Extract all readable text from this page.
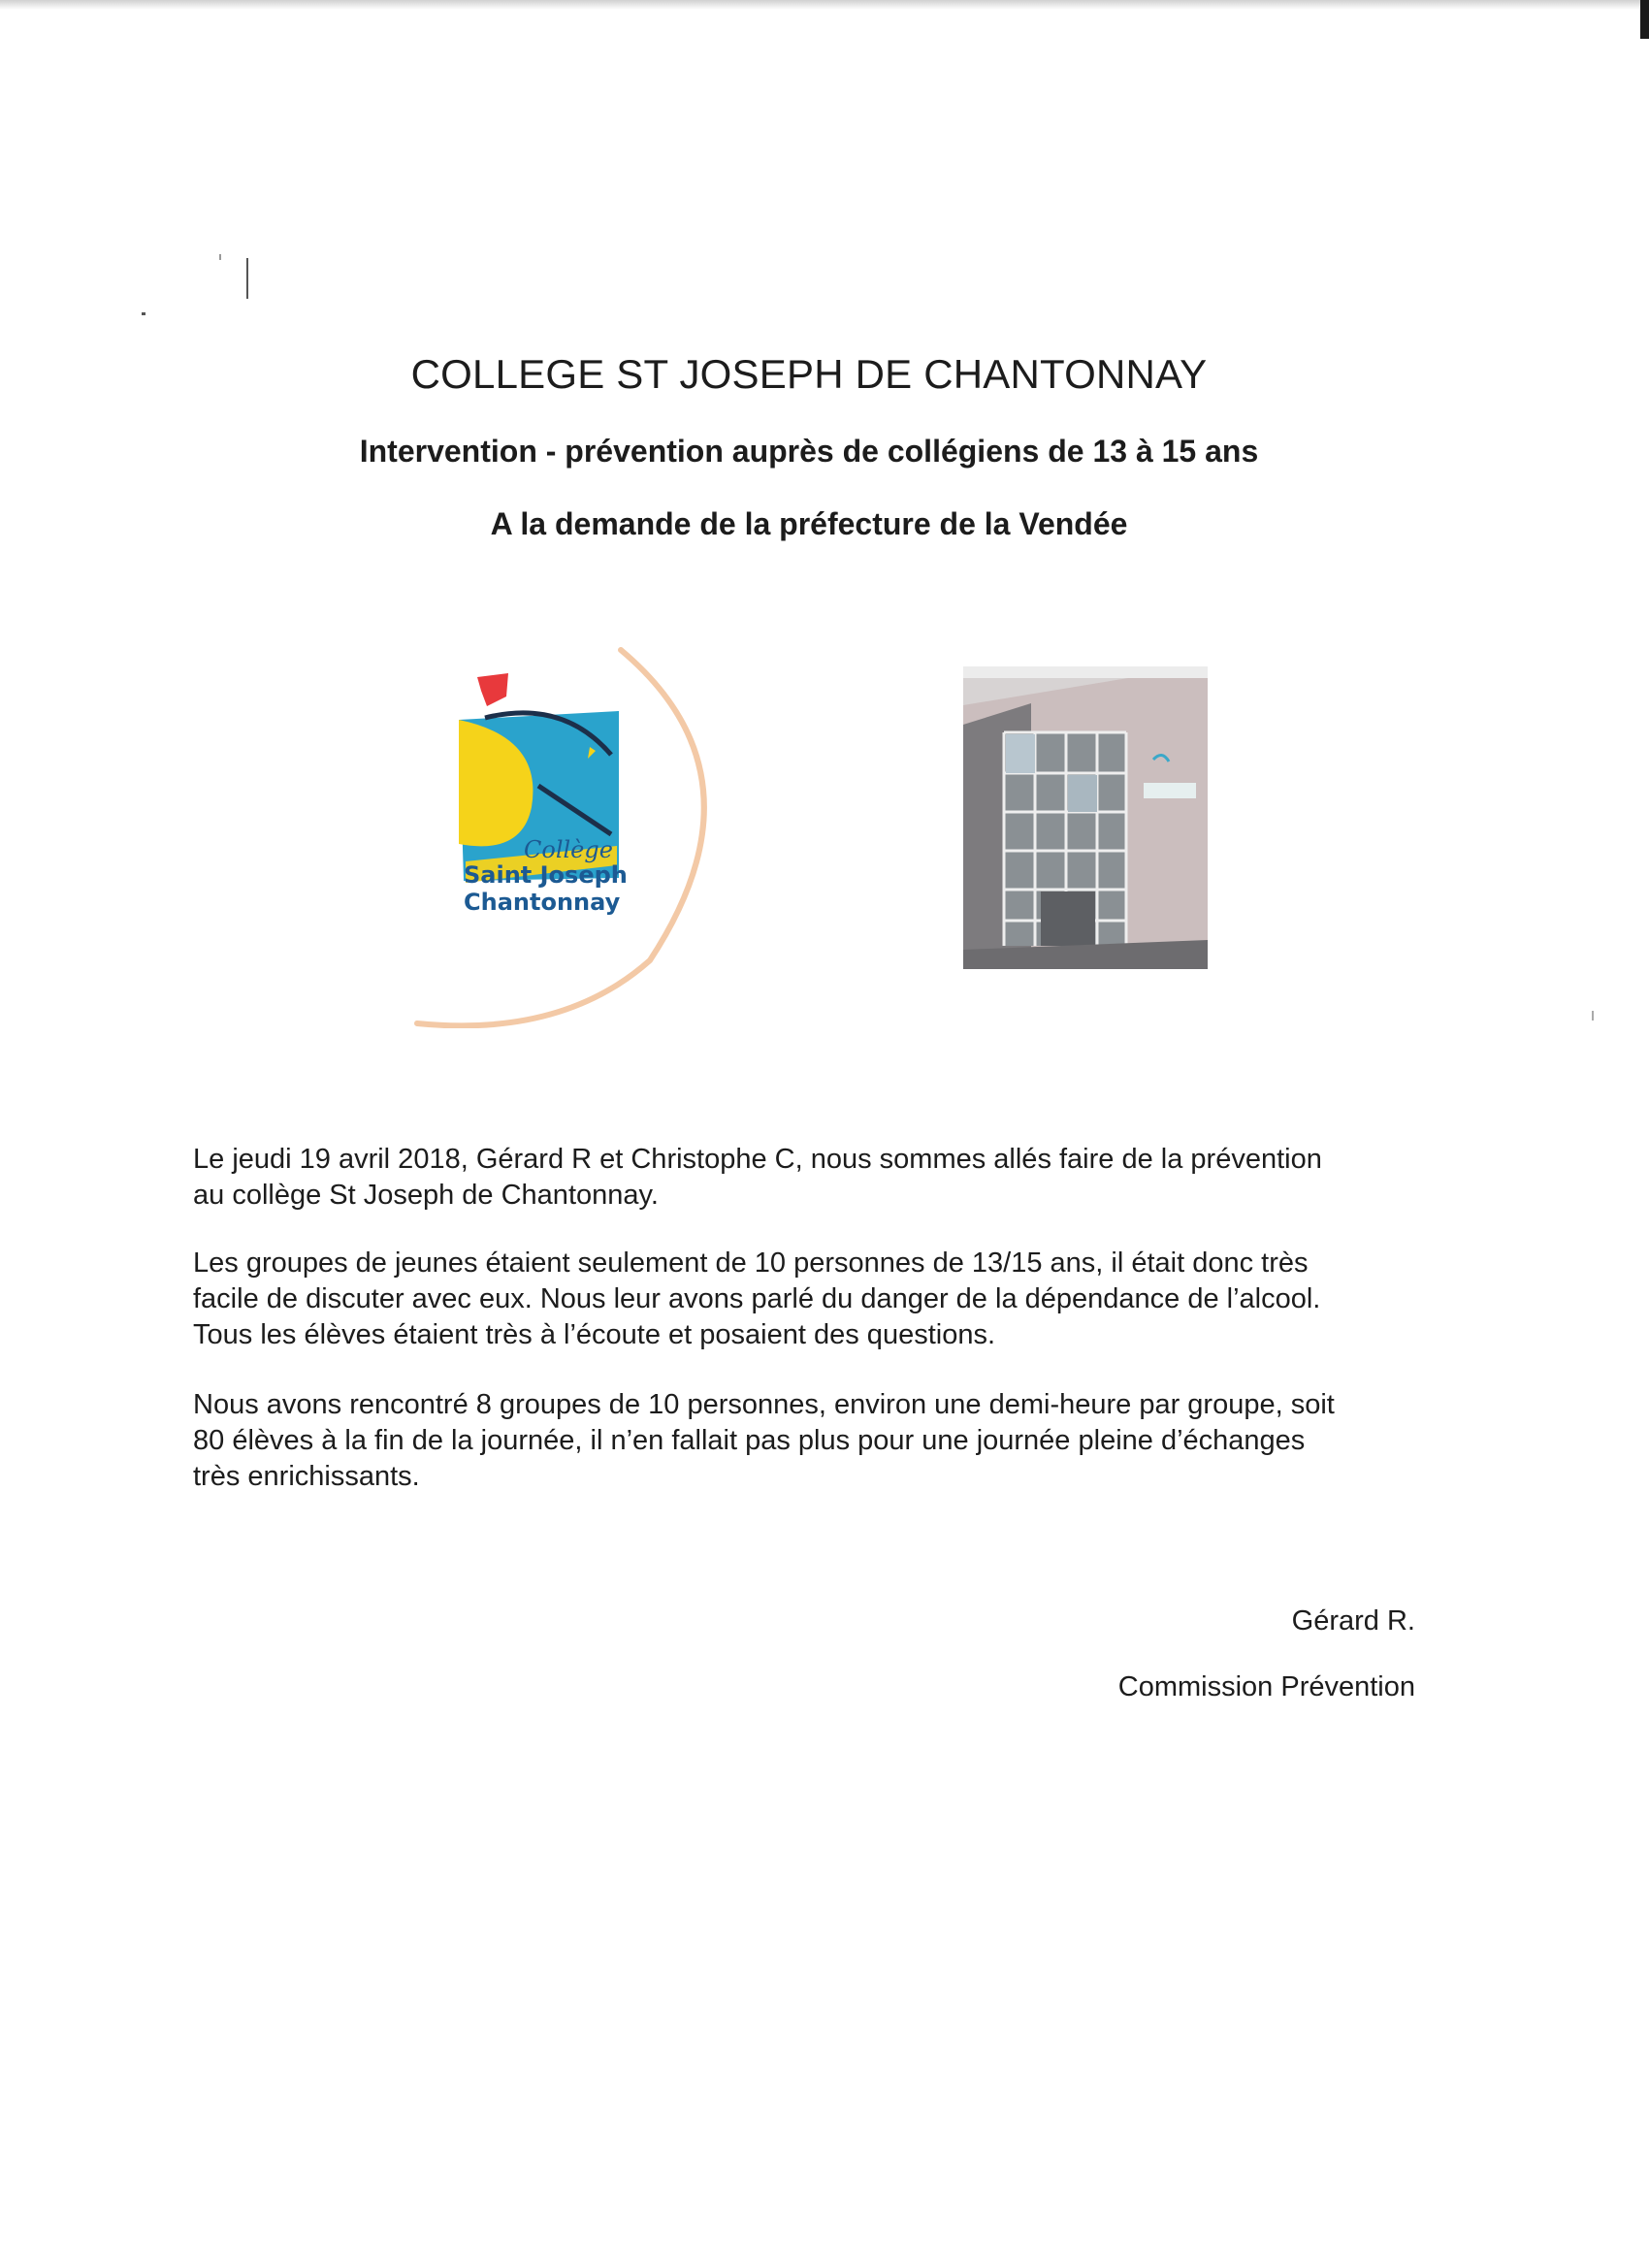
COLLEGE ST JOSEPH DE CHANTONNAY
Intervention - prévention auprès de collégiens de 13 à 15 ans
A la demande de la préfecture de la Vendée
Collège
Saint Joseph
Chantonnay

Le jeudi 19 avril 2018, Gérard R et Christophe C, nous sommes allés faire de la prévention
au collège St Joseph de Chantonnay.

Les groupes de jeunes étaient seulement de 10 personnes de 13/15 ans, il était donc très
facile de discuter avec eux. Nous leur avons parlé du danger de la dépendance de l’alcool.
Tous les élèves étaient très à l’écoute et posaient des questions.

Nous avons rencontré 8 groupes de 10 personnes, environ une demi-heure par groupe, soit
80 élèves à la fin de la journée, il n’en fallait pas plus pour une journée pleine d’échanges
très enrichissants.

Gérard R.
Commission Prévention
